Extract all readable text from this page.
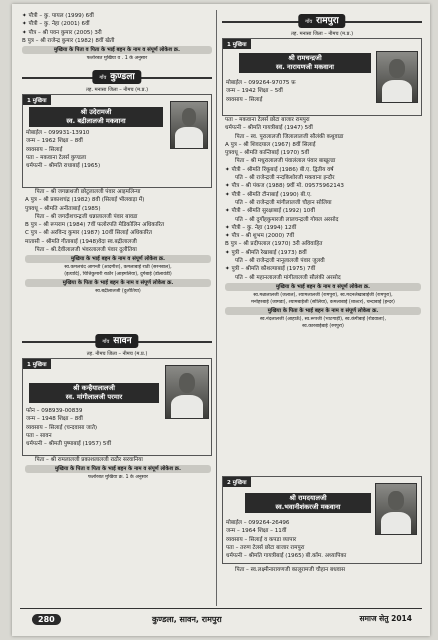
✦ पौत्री – कु. पायल (1999) 6वीं
✦ पौत्री – कु. नेहा (2001) 6वीं
✦ पौत्र – श्री पवन कुमार (2005) 3री
B पुत्र – श्री राजेन्द्र कुमार (1982) 8वीं खेती
मुखिया के पिता व पिता के भाई बहन के नाम व संपूर्ण लोकेश क्र.
फलोरबत मुखिया व . 1 के अनुसार
गाँव कुण्डला
तह. मनासा जिला – नीमच (म.प्र.)
1 मुखिया
श्री उदेरामजी
स्व. बद्रीलालजी मकवाना
मोबाईल – 099931-13910
जन्म – 1962 शिक्षा – 8वीं
व्यवसाय – सिलाई
पता – मकवाना टेलर्स कुण्डला
धर्मपत्नी – श्रीमति राधाबाई (1965)
पिता – श्री जगन्नाथजी छोटूलालजी पंवार आइमलिन्या
A पुत्र – श्री प्रकाशचंद्र (1982) 8वी (सिलाई भीलवाड़ा में)
पुत्रवधू – श्रीमति अनीताबाई (1985)
पिता – श्री जगदीशचन्द्रजी धन्नालालजी पंवार बावडा
B पुत्र – श्री रूपराम (1984) 7वीं फलोरपति मेडिकोलिन अधिकारित
C पुत्र – श्री अरविन्द कुमार (1987) 10वीं सिलाई अधिकारित
मातासी – श्रीमति गीताबाई (1948)वेदा स्व.बद्रीलालजी
पिता – श्री.देवीलालजी भंवरलालजी पंवार दुलौतिया
मुखिया के भाई बहन के नाम व संपूर्ण लोकेश क्र.
स्व.कमलचंद आगन्ती (आदमीश), कमलाबाई राठी (सरनबाल),
(इत्यादि), चित्तिकुमारी राठौर (आइमलिया), दुर्गबाई (डोलावंडी)
मुखिया के पिता के भाई बहन के नाम व संपूर्ण लोकेश क्र.
स्व.बद्रीलालजी (दुलौतिया)
गाँव सावन
तह. नीमच जिला – नीमच (म.प्र.)
1 मुखिया
श्री कन्हैयालालजी
स्व. मांगीलालजी परमार
फोन – 098939-00839
जन्म – 1948 शिक्षा – 8वीं
व्यवसाय – सिलाई (चन्दवासा जाते)
पता – सावन
धर्मपत्नी – श्रीमती पुष्पाबाई (1957) 5वीं
पिता – श्री रामलालजी प्रकाशलालजी राठौर सरवानिया
मुखिया के पिता व पिता के भाई बहन के नाम व संपूर्ण लोकेश क्र.
फलोरबत मुखिया क्र. 1 के अनुसार
गाँव रामपुरा
तह. मनासा जिला – नीमच (म.प्र.)
1 मुखिया
श्री रामचन्द्रजी
स्व. नारायणजी मकवाना
मोबाईल – 099264-97075 फ़
जन्म – 1942 शिक्षा – 5वीं
व्यवसाय – सिलाई
पता – मकवाना टेलर्स छोटा बाजार रामपुरा
धर्मपत्नी – श्रीमति गायत्रीबाई (1947) 5वीं
पिता – स्व. पूरालालजी जिलालालजी सौलंकी कथुवाडा
A पुत्र – श्री शिवदयाल (1967) 8वीं सिलाई
पुत्रवधू – श्रीमति कान्तिबाई (1970) 5वीं
पिता – श्री मधुरालालजी पंवालंलाल पंवार बाखूल्डा
✦ पौत्री – श्रीमति रिंकूबाई (1986) बी.ए. द्वितीय वर्ष
पति – श्री राजेन्द्रजी नन्दकिशोरजी मकवाना इन्दौर
✦ पौत्र – श्री पंकज (1988) 9वीं मो. 09575962143
✦ पौत्री – श्रीमति टीनाबाई (1990) बी.ए.
पति – श्री राजेन्द्रजी मांगीलालजी चौहान सोलिया
✦ पौत्री – श्रीमति सुरक्षाबाई (1992) 10वीं
पति – श्री दुर्गोहकुमारजी लालचन्द्रजी गोयल अरसोद
✦ पौत्री – कु. नेहा (1994) 12वीं
✦ पौत्र – श्री शुभम (2000) 7वीं
B पुत्र – श्री प्रदीपलाल (1970) 3री अविवाहित
✦ पुत्री – श्रीमति रेखाबाई (1973) 8वीं
पति – श्री राजेन्द्रजी नानूलालजी पंवार जुलवी
✦ पुत्री – श्रीमति कौशल्याबाई (1975) 7वीं
पति – श्री महानलालजी मांगीलालजी सौलंकी अरसोद
मुखिया के भाई बहन के नाम व संपूर्ण लोकेश क्र.
स्व.मन्नालालजी (जलाल), श्यामलालजी (रामपुरा), स्व.मदनलेखाबाईजी (रामपुरा),
मनोहरबाई (जामडा), श्यामबाईजी (सोलिया), कमलाबाई (शाल्टर), चन्दाबाई (इन्दर)
मुखिया के पिता के भाई बहन के नाम व संपूर्ण लोकेश क्र.
स्व.नंदलालजी (आहाऊँ), स्व.रूपजी (भाटगाड़ी), स्व.कंगीबाई (रोडवाला),
स्व.कारबाईबाई (रमपुरा)
2 मुखिया
श्री रामदयालजी
स्व.भवानीशंकरजी मकवाना
मोबाईल – 099264-26496
जन्म – 1964 शिक्षा – 11वीं
व्यवसाय – सिलाई व कपडा व्यापार
पता – तरुण टेलर्स छोटा बाजार रामपुरा
धर्मपत्नी – श्रीमति गायत्रीबाई (1965) बी.कॉम. अध्यापिका
पिता – स्व.लक्ष्मीनारायणजी कालूरामजी चौहान बधवास
280	कुण्डला, सावन, रामपुरा	समाज सेतु 2014
